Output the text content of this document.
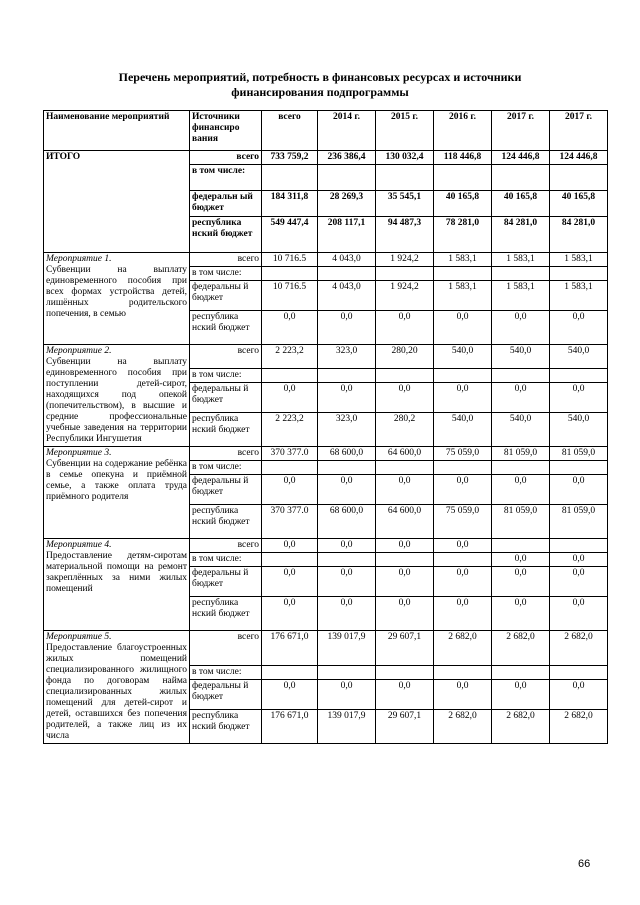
Перечень мероприятий, потребность в финансовых ресурсах и источники
финансирования подпрограммы
Наименование мероприятий	Источники финансиро вания	всего	2014 г.	2015 г.	2016 г.	2017 г.	2017 г.
ИТОГО	всего	733 759,2	236 386,4	130 032,4	118 446,8	124 446,8	124 446,8
	в том числе:						
	федеральн ый бюджет	184 311,8	28 269,3	35 545,1	40 165,8	40 165,8	40 165,8
	республика нский бюджет	549 447,4	208 117,1	94 487,3	78 281,0	84 281,0	84 281,0
Мероприятие 1.
Субвенции на выплату единовременного пособия при всех формах устройства детей, лишённых родительского попечения, в семью	всего	10 716.5	4 043,0	1 924,2	1 583,1	1 583,1	1 583,1
	в том числе:						
	федеральны й бюджет	10 716.5	4 043,0	1 924,2	1 583,1	1 583,1	1 583,1
	республика нский бюджет	0,0	0,0	0,0	0,0	0,0	0,0
Мероприятие 2.
Субвенции на выплату единовременного пособия при поступлении детей-сирот, находящихся под опекой (попечительством), в высшие и средние профессиональные учебные заведения на территории Республики Ингушетия	всего	2 223,2	323,0	280,20	540,0	540,0	540,0
	в том числе:						
	федеральны й бюджет	0,0	0,0	0,0	0,0	0,0	0,0
	республика нский бюджет	2 223,2	323,0	280,2	540,0	540,0	540,0
Мероприятие 3.
Субвенции на содержание ребёнка в семье опекуна и приёмной семье, а также оплата труда приёмного родителя	всего	370 377.0	68 600,0	64 600,0	75 059,0	81 059,0	81 059,0
	в том числе:						
	федеральны й бюджет	0,0	0,0	0,0	0,0	0,0	0,0
	республика нский бюджет	370 377.0	68 600,0	64 600,0	75 059,0	81 059,0	81 059,0
Мероприятие 4.
Предоставление детям-сиротам материальной помощи на ремонт закреплённых за ними жилых помещений	всего	0,0	0,0	0,0	0,0		
	в том числе:					0,0	0,0
	федеральны й бюджет	0,0	0,0	0,0	0,0	0,0	0,0
	республика нский бюджет	0,0	0,0	0,0	0,0	0,0	0,0
Мероприятие 5.
Предоставление благоустроенных жилых помещений специализированного жилищного фонда по договорам найма специализированных жилых помещений для детей-сирот и детей, оставшихся без попечения родителей, а также лиц из их числа	всего	176 671,0	139 017,9	29 607,1	2 682,0	2 682,0	2 682,0
	в том числе:						
	федеральны й бюджет	0,0	0,0	0,0	0,0	0,0	0,0
	республика нский бюджет	176 671,0	139 017,9	29 607,1	2 682,0	2 682,0	2 682,0
66
